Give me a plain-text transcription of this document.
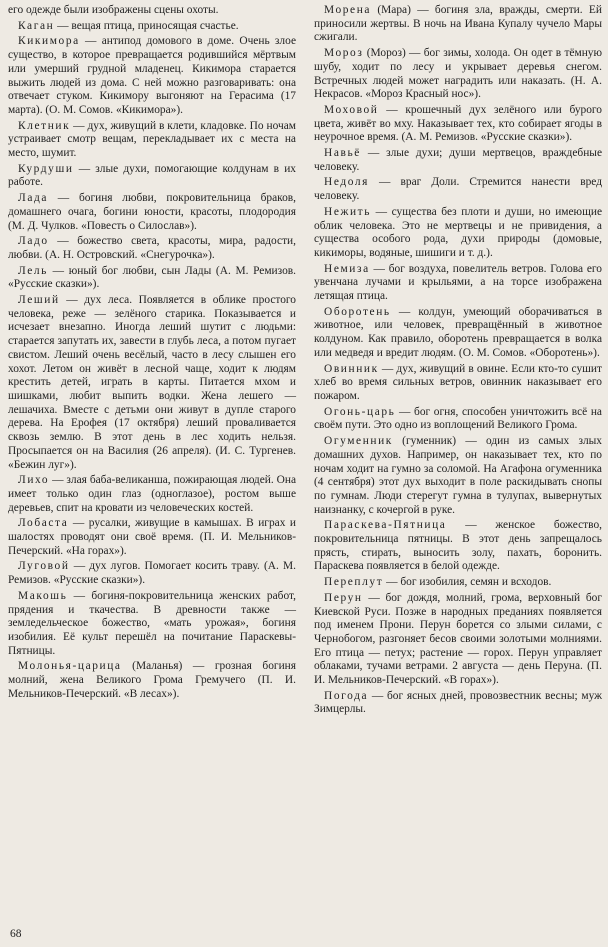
его одежде были изображены сцены охоты.

Каган — вещая птица, приносящая счастье.

Кикимора — антипод домового в доме. Очень злое существо, в которое превращается родившийся мёртвым или умерший грудной младенец. Кикимора старается выжить людей из дома. С ней можно разговаривать: она отвечает стуком. Кикимору выгоняют на Герасима (17 марта). (О. М. Сомов. «Кикимора»).

Клетник — дух, живущий в клети, кладовке. По ночам устраивает смотр вещам, перекладывает их с места на место, шумит.

Курдуши — злые духи, помогающие колдунам в их работе.

Лада — богиня любви, покровительница браков, домашнего очага, богини юности, красоты, плодородия (М. Д. Чулков. «Повесть о Силослав»).

Ладо — божество света, красоты, мира, радости, любви. (А. Н. Островский. «Снегурочка»).

Лель — юный бог любви, сын Лады (А. М. Ремизов. «Русские сказки»).

Леший — дух леса. Появляется в облике простого человека, реже — зелёного старика. Показывается и исчезает внезапно. Иногда леший шутит с людьми: старается запутать их, завести в глубь леса, а потом пугает свистом. Леший очень весёлый, часто в лесу слышен его хохот. Летом он живёт в лесной чаще, ходит к людям крестить детей, играть в карты. Питается мхом и шишками, любит выпить водки. Жена лешего — лешачиха. Вместе с детьми они живут в дупле старого дерева. На Ерофея (17 октября) леший проваливается сквозь землю. В этот день в лес ходить нельзя. Просыпается он на Василия (26 апреля). (И. С. Тургенев. «Бежин луг»).

Лихо — злая баба-великанша, пожирающая людей. Она имеет только один глаз (одноглазое), ростом выше деревьев, спит на кровати из человеческих костей.

Лобаста — русалки, живущие в камышах. В играх и шалостях проводят они своё время. (П. И. Мельников-Печерский. «На горах»).

Луговой — дух лугов. Помогает косить траву. (А. М. Ремизов. «Русские сказки»).

Макошь — богиня-покровительница женских работ, прядения и ткачества. В древности также — земледельческое божество, «мать урожая», богиня изобилия. Её культ перешёл на почитание Параскевы-Пятницы.

Молонья-царица (Маланья) — грозная богиня молний, жена Великого Грома Гремучего (П. И. Мельников-Печерский. «В лесах»).

Морена (Мара) — богиня зла, вражды, смерти. Ей приносили жертвы. В ночь на Ивана Купалу чучело Мары сжигали.

Мороз (Мороз) — бог зимы, холода. Он одет в тёмную шубу, ходит по лесу и укрывает деревья снегом. Встречных людей может наградить или наказать. (Н. А. Некрасов. «Мороз Красный нос»).

Моховой — крошечный дух зелёного или бурого цвета, живёт во мху. Наказывает тех, кто собирает ягоды в неурочное время. (А. М. Ремизов. «Русские сказки»).

Навьё — злые духи; души мертвецов, враждебные человеку.

Недоля — враг Доли. Стремится нанести вред человеку.

Нежить — существа без плоти и души, но имеющие облик человека. Это не мертвецы и не привидения, а существа особого рода, духи природы (домовые, кикиморы, водяные, шишиги и т. д.).

Немиза — бог воздуха, повелитель ветров. Голова его увенчана лучами и крыльями, а на торсе изображена летящая птица.

Оборотень — колдун, умеющий оборачиваться в животное, или человек, превращённый в животное колдуном. Как правило, оборотень превращается в волка или медведя и вредит людям. (О. М. Сомов. «Оборотень»).

Овинник — дух, живущий в овине. Если кто-то сушит хлеб во время сильных ветров, овинник наказывает его пожаром.

Огонь-царь — бог огня, способен уничтожить всё на своём пути. Это одно из воплощений Великого Грома.

Огуменник (гуменник) — один из самых злых домашних духов. Например, он наказывает тех, кто по ночам ходит на гумно за соломой. На Агафона огуменника (4 сентября) этот дух выходит в поле раскидывать снопы по гумнам. Люди стерегут гумна в тулупах, вывернутых наизнанку, с кочергой в руке.

Параскева-Пятница — женское божество, покровительница пятницы. В этот день запрещалось прясть, стирать, выносить золу, пахать, боронить. Параскева появляется в белой одежде.

Переплут — бог изобилия, семян и всходов.

Перун — бог дождя, молний, грома, верховный бог Киевской Руси. Позже в народных преданиях появляется под именем Прони. Перун борется со злыми силами, с Чернобогом, разгоняет бесов своими золотыми молниями. Его птица — петух; растение — горох. Перун управляет облаками, тучами ветрами. 2 августа — день Перуна. (П. И. Мельников-Печерский. «В горах»).

Погода — бог ясных дней, провозвестник весны; муж Зимцерлы.

68
